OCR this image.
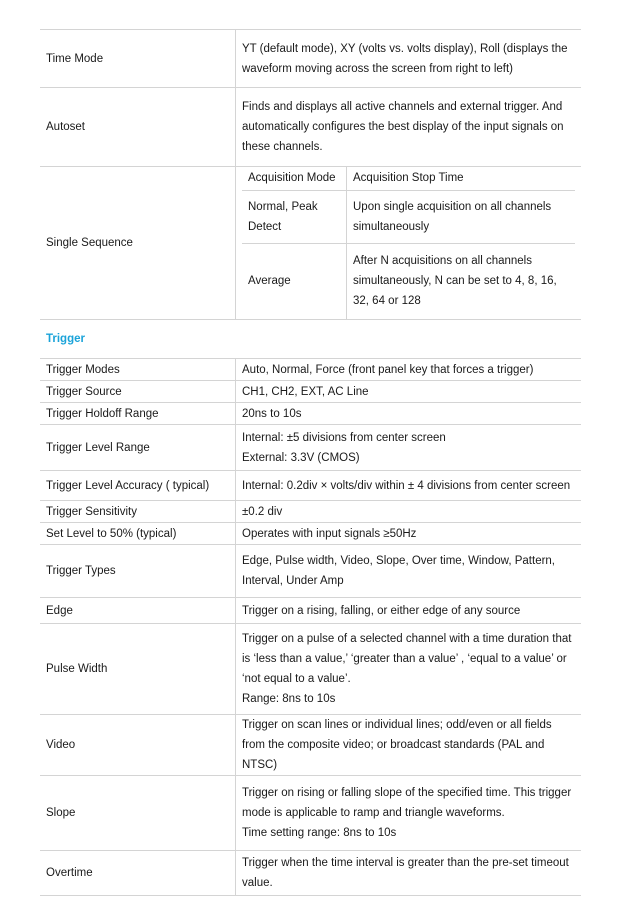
Time Mode	YT (default mode), XY (volts vs. volts display), Roll (displays the waveform moving across the screen from right to left)
Autoset	Finds and displays all active channels and external trigger. And automatically configures the best display of the input signals on these channels.
Single Sequence	
Acquisition Mode	Acquisition Stop Time
Normal, Peak Detect	Upon single acquisition on all channels simultaneously
Average	After N acquisitions on all channels simultaneously, N can be set to 4, 8, 16, 32, 64 or 128
Trigger
Trigger Modes	Auto, Normal, Force (front panel key that forces a trigger)
Trigger Source	CH1, CH2, EXT, AC Line
Trigger Holdoff Range	20ns to 10s
Trigger Level Range	Internal: ±5 divisions from center screen
External: 3.3V (CMOS)

Trigger Level Accuracy ( typical)	Internal: 0.2div × volts/div within ± 4 divisions from center screen
Trigger Sensitivity	±0.2 div
Set Level to 50% (typical)	Operates with input signals ≥50Hz
Trigger Types	Edge, Pulse width, Video, Slope, Over time, Window, Pattern, Interval, Under Amp
Edge	Trigger on a rising, falling, or either edge of any source
Pulse Width	Trigger on a pulse of a selected channel with a time duration that is ‘less than a value,’ ‘greater than a value’ , ‘equal to a value’ or ‘not equal to a value’.
Range: 8ns to 10s

Video	Trigger on scan lines or individual lines; odd/even or all fields from the composite video; or broadcast standards (PAL and NTSC)
Slope	Trigger on rising or falling slope of the specified time. This trigger mode is applicable to ramp and triangle waveforms.
Time setting range: 8ns to 10s

Overtime	Trigger when the time interval is greater than the pre-set timeout value.
